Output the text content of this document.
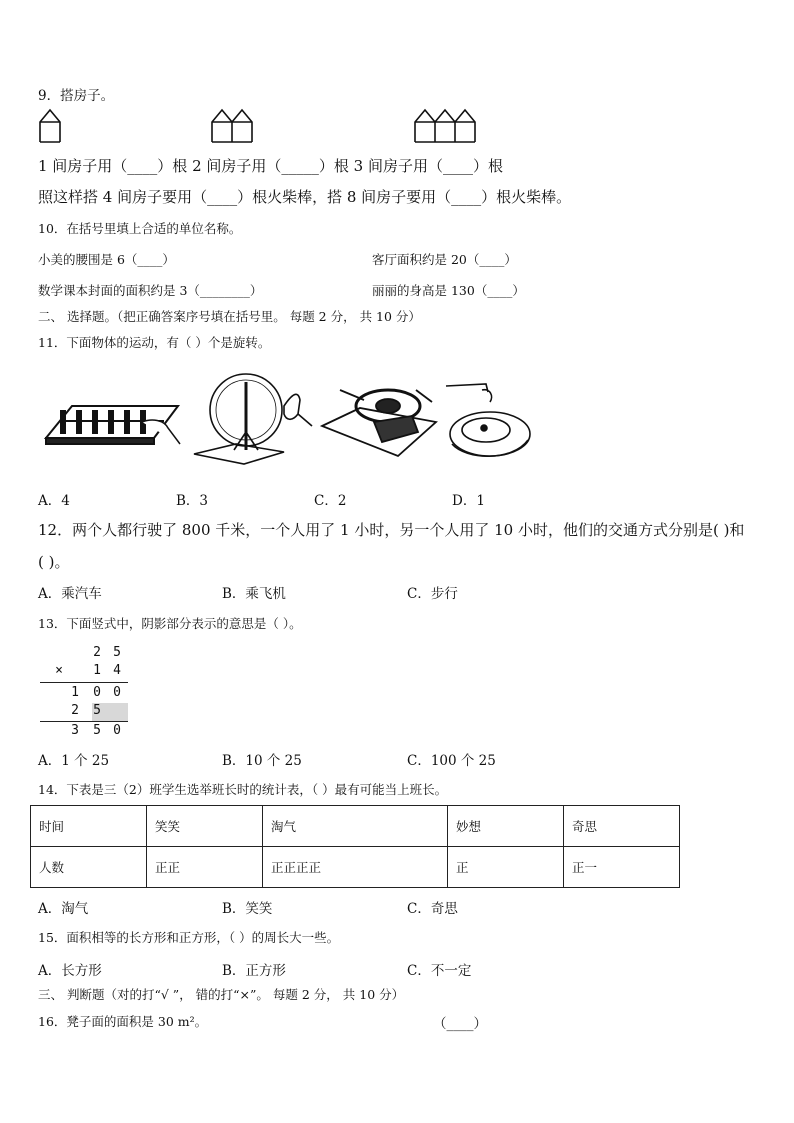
9．搭房子。
1 间房子用（____）根 2 间房子用（_____）根 3 间房子用（____）根
照这样搭 4 间房子要用（____）根火柴棒，搭 8 间房子要用（____）根火柴棒。
10．在括号里填上合适的单位名称。
小美的腰围是 6（____）	客厅面积约是 20（____）
数学课本封面的面积约是 3（________）	丽丽的身高是 130（____）
二、 选择题。（把正确答案序号填在括号里。 每题 2 分， 共 10 分）
11．下面物体的运动，有（ ）个是旋转。
A．4	B．3	C．2	D．1
12．两个人都行驶了 800 千米，一个人用了 1 小时，另一个人用了 10 小时，他们的交通方式分别是( )和
( )。
A．乘汽车	B．乘飞机	C．步行
13．下面竖式中，阴影部分表示的意思是（ ）。
2 5
× 1 4
1 0 0
2 5
3 5 0
A．1 个 25	B．10 个 25	C．100 个 25
14．下表是三（2）班学生选举班长时的统计表，（ ）最有可能当上班长。
时间	笑笑	淘气	妙想	奇思
人数	正正	正正正正	正	正一
A．淘气	B．笑笑	C．奇思
15．面积相等的长方形和正方形，（ ）的周长大一些。
A．长方形	B．正方形	C．不一定
三、 判断题（对的打“√ ”， 错的打“×”。 每题 2 分， 共 10 分）
16．凳子面的面积是 30 m²。	（____）
